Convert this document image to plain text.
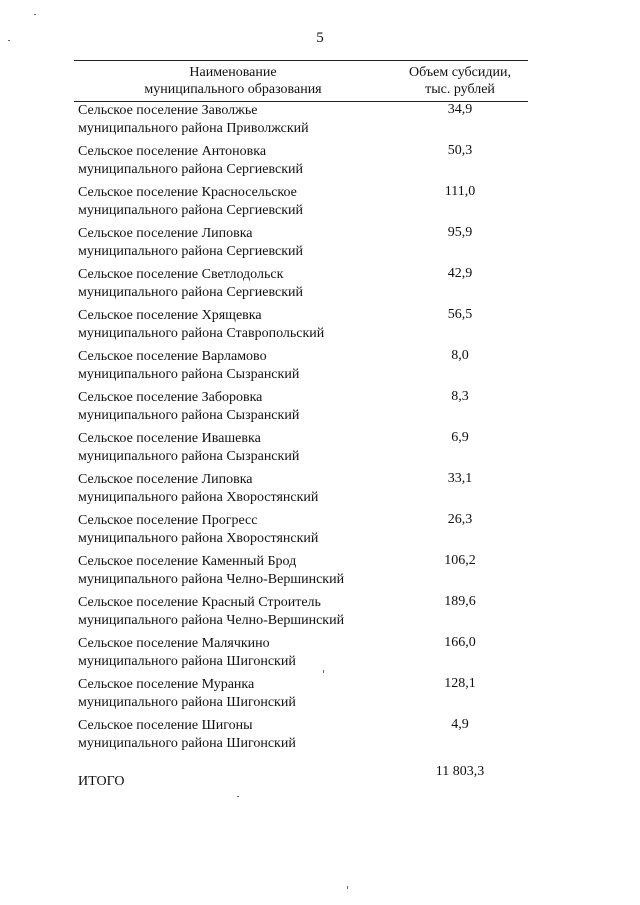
5
Наименование
муниципального образования
Объем субсидии,
тыс. рублей
Сельское поселение Заволжье
муниципального района Приволжский
34,9
Сельское поселение Антоновка
муниципального района Сергиевский
50,3
Сельское поселение Красносельское
муниципального района Сергиевский
111,0
Сельское поселение Липовка
муниципального района Сергиевский
95,9
Сельское поселение Светлодольск
муниципального района Сергиевский
42,9
Сельское поселение Хрящевка
муниципального района Ставропольский
56,5
Сельское поселение Варламово
муниципального района Сызранский
8,0
Сельское поселение Заборовка
муниципального района Сызранский
8,3
Сельское поселение Ивашевка
муниципального района Сызранский
6,9
Сельское поселение Липовка
муниципального района Хворостянский
33,1
Сельское поселение Прогресс
муниципального района Хворостянский
26,3
Сельское поселение Каменный Брод
муниципального района Челно-Вершинский
106,2
Сельское поселение Красный Строитель
муниципального района Челно-Вершинский
189,6
Сельское поселение Малячкино
муниципального района Шигонский
166,0
Сельское поселение Муранка
муниципального района Шигонский
128,1
Сельское поселение Шигоны
муниципального района Шигонский
4,9
ИТОГО
11 803,3
